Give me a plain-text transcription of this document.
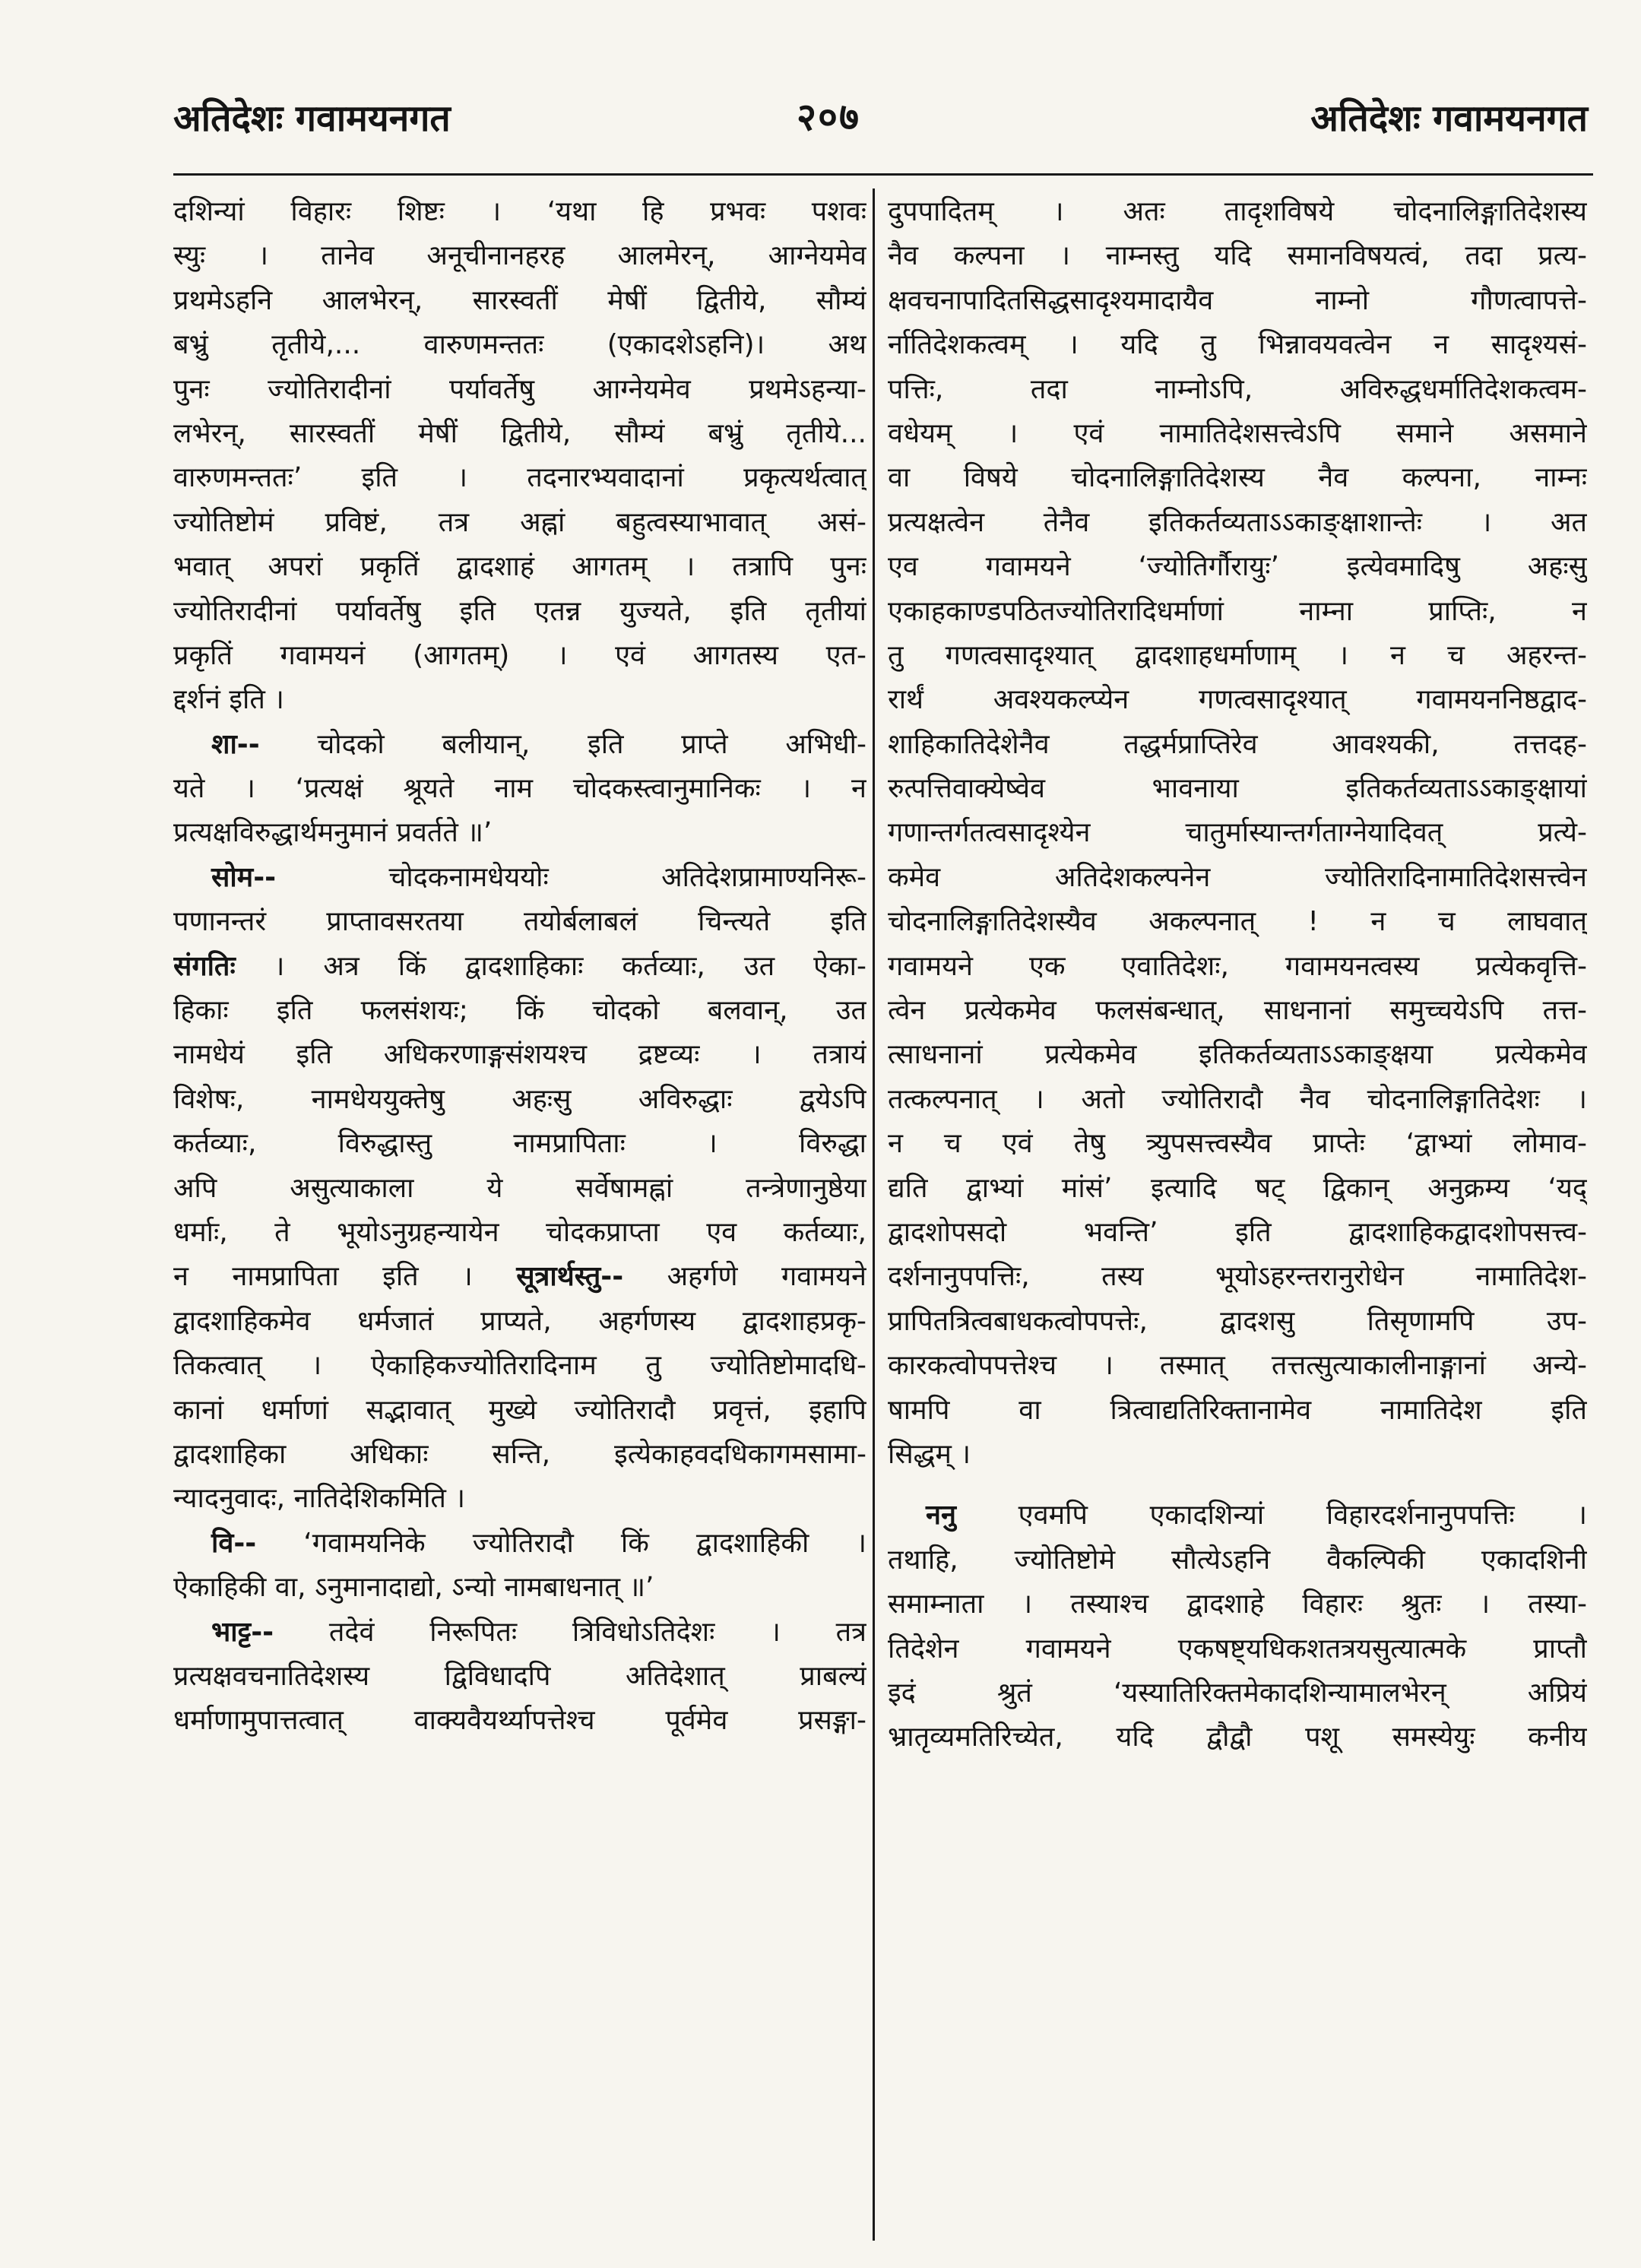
अतिदेशः गवामयनगत	२०७	अतिदेशः गवामयनगत
दशिन्यां विहारः शिष्टः । ‘यथा हि प्रभवः पशवः
स्युः । तानेव अनूचीनानहरह आलमेरन्, आग्नेयमेव
प्रथमेऽहनि आलभेरन्, सारस्वतीं मेषीं द्वितीये, सौम्यं
बभ्रुं तृतीये,... वारुणमन्ततः (एकादशेऽहनि)। अथ
पुनः ज्योतिरादीनां पर्यावर्तेषु आग्नेयमेव प्रथमेऽहन्या-
लभेरन्, सारस्वतीं मेषीं द्वितीये, सौम्यं बभ्रुं तृतीये...
वारुणमन्ततः’ इति । तदनारभ्यवादानां प्रकृत्यर्थत्वात्
ज्योतिष्टोमं प्रविष्टं, तत्र अह्नां बहुत्वस्याभावात् असं-
भवात् अपरां प्रकृतिं द्वादशाहं आगतम् । तत्रापि पुनः
ज्योतिरादीनां पर्यावर्तेषु इति एतन्न युज्यते, इति तृतीयां
प्रकृतिं गवामयनं (आगतम्) । एवं आगतस्य एत-
द्दर्शनं इति ।
शा-- चोदको बलीयान्, इति प्राप्ते अभिधी-
यते । ‘प्रत्यक्षं श्रूयते नाम चोदकस्त्वानुमानिकः । न
प्रत्यक्षविरुद्धार्थमनुमानं प्रवर्तते ॥’
सोम--	चोदकनामधेययोः अतिदेशप्रामाण्यनिरू-
पणानन्तरं प्राप्तावसरतया तयोर्बलाबलं चिन्त्यते इति
संगतिः । अत्र किं द्वादशाहिकाः कर्तव्याः, उत ऐका-
हिकाः इति फलसंशयः; किं चोदको बलवान्, उत
नामधेयं इति अधिकरणाङ्गसंशयश्च द्रष्टव्यः । तत्रायं
विशेषः, नामधेययुक्तेषु अहःसु अविरुद्धाः द्वयेऽपि
कर्तव्याः, विरुद्धास्तु नामप्रापिताः । विरुद्धा
अपि असुत्याकाला ये सर्वेषामह्नां तन्त्रेणानुष्ठेया
धर्माः, ते भूयोऽनुग्रहन्यायेन चोदकप्राप्ता एव कर्तव्याः,
न नामप्रापिता इति । सूत्रार्थस्तु-- अहर्गणे गवामयने
द्वादशाहिकमेव धर्मजातं प्राप्यते, अहर्गणस्य द्वादशाहप्रकृ-
तिकत्वात् । ऐकाहिकज्योतिरादिनाम तु ज्योतिष्टोमादधि-
कानां धर्माणां सद्भावात् मुख्ये ज्योतिरादौ प्रवृत्तं, इहापि
द्वादशाहिका अधिकाः सन्ति, इत्येकाहवदधिकागमसामा-
न्यादनुवादः, नातिदेशिकमिति ।
वि-- ‘गवामयनिके ज्योतिरादौ किं द्वादशाहिकी ।
ऐकाहिकी वा, ऽनुमानादाद्यो, ऽन्यो नामबाधनात् ॥’
भाट्ट-- तदेवं निरूपितः त्रिविधोऽतिदेशः । तत्र
प्रत्यक्षवचनातिदेशस्य द्विविधादपि अतिदेशात् प्राबल्यं
धर्माणामुपात्तत्वात् वाक्यवैयर्थ्यापत्तेश्च पूर्वमेव प्रसङ्गा-
दुपपादितम् । अतः तादृशविषये चोदनालिङ्गातिदेशस्य
नैव कल्पना । नाम्नस्तु यदि समानविषयत्वं, तदा प्रत्य-
क्षवचनापादितसिद्धसादृश्यमादायैव नाम्नो गौणत्वापत्ते-
र्नातिदेशकत्वम् । यदि तु भिन्नावयवत्वेन न सादृश्यसं-
पत्तिः, तदा नाम्नोऽपि, अविरुद्धधर्मातिदेशकत्वम-
वधेयम् । एवं नामातिदेशसत्त्वेऽपि समाने असमाने
वा विषये चोदनालिङ्गातिदेशस्य नैव कल्पना, नाम्नः
प्रत्यक्षत्वेन तेनैव इतिकर्तव्यताऽऽकाङ्क्षाशान्तेः । अत
एव गवामयने ‘ज्योतिर्गौरायुः’ इत्येवमादिषु अहःसु
एकाहकाण्डपठितज्योतिरादिधर्माणां नाम्ना प्राप्तिः, न
तु गणत्वसादृश्यात् द्वादशाहधर्माणाम् । न च अहरन्त-
रार्थं अवश्यकल्प्येन गणत्वसादृश्यात् गवामयननिष्ठद्वाद-
शाहिकातिदेशेनैव तद्धर्मप्राप्तिरेव आवश्यकी, तत्तदह-
रुत्पत्तिवाक्येष्वेव भावनाया इतिकर्तव्यताऽऽकाङ्क्षायां
गणान्तर्गतत्वसादृश्येन चातुर्मास्यान्तर्गताग्नेयादिवत् प्रत्ये-
कमेव अतिदेशकल्पनेन ज्योतिरादिनामातिदेशसत्त्वेन
चोदनालिङ्गातिदेशस्यैव अकल्पनात् ! न च लाघवात्
गवामयने एक एवातिदेशः, गवामयनत्वस्य प्रत्येकवृत्ति-
त्वेन प्रत्येकमेव फलसंबन्धात्, साधनानां समुच्चयेऽपि तत्त-
त्साधनानां प्रत्येकमेव इतिकर्तव्यताऽऽकाङ्क्षया प्रत्येकमेव
तत्कल्पनात् । अतो ज्योतिरादौ नैव चोदनालिङ्गातिदेशः ।
न च एवं तेषु त्र्युपसत्त्वस्यैव प्राप्तेः ‘द्वाभ्यां लोमाव-
द्यति द्वाभ्यां मांसं’ इत्यादि षट् द्विकान् अनुक्रम्य ‘यद्
द्वादशोपसदो भवन्ति’ इति द्वादशाहिकद्वादशोपसत्त्व-
दर्शनानुपपत्तिः, तस्य भूयोऽहरन्तरानुरोधेन नामातिदेश-
प्रापितत्रित्वबाधकत्वोपपत्तेः, द्वादशसु तिसृणामपि उप-
कारकत्वोपपत्तेश्च । तस्मात् तत्तत्सुत्याकालीनाङ्गानां अन्ये-
षामपि वा त्रित्वाद्यतिरिक्तानामेव नामातिदेश इति
सिद्धम् ।
ननु एवमपि एकादशिन्यां विहारदर्शनानुपपत्तिः ।
तथाहि, ज्योतिष्टोमे सौत्येऽहनि वैकल्पिकी एकादशिनी
समाम्नाता । तस्याश्च द्वादशाहे विहारः श्रुतः । तस्या-
तिदेशेन गवामयने एकषष्ट्यधिकशतत्रयसुत्यात्मके प्राप्तौ
इदं श्रुतं ‘यस्यातिरिक्तमेकादशिन्यामालभेरन् अप्रियं
भ्रातृव्यमतिरिच्येत, यदि द्वौद्वौ पशू समस्येयुः कनीय
